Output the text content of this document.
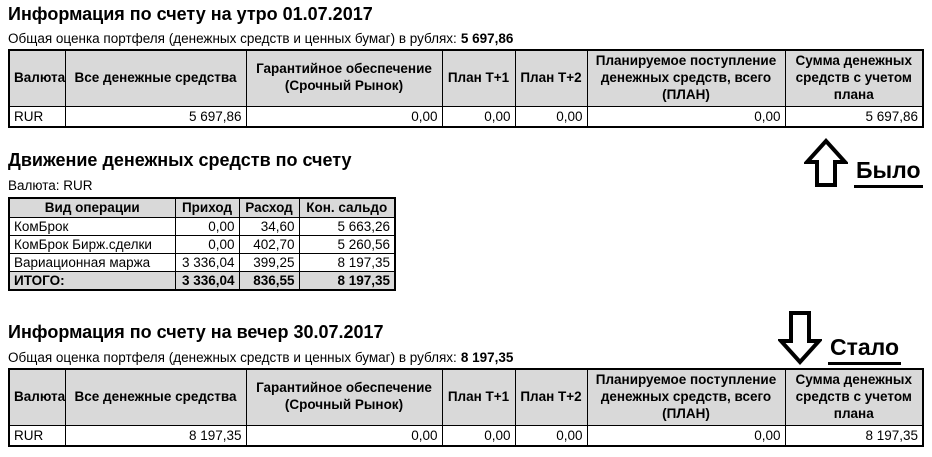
Информация по счету на утро 01.07.2017
Общая оценка портфеля (денежных средств и ценных бумаг) в рублях: 5 697,86
Валюта	Все денежные средства	Гарантийное обеспечение (Срочный Рынок)	План Т+1	План Т+2	Планируемое поступление денежных средств, всего (ПЛАН)	Сумма денежных средств с учетом плана
RUR	5 697,86	0,00	0,00	0,00	0,00	5 697,86
Было
Движение денежных средств по счету
Валюта: RUR
Вид операции	Приход	Расход	Кон. сальдо
КомБрок	0,00	34,60	5 663,26
КомБрок Бирж.сделки	0,00	402,70	5 260,56
Вариационная маржа	3 336,04	399,25	8 197,35
ИТОГО:	3 336,04	836,55	8 197,35
Стало
Информация по счету на вечер 30.07.2017
Общая оценка портфеля (денежных средств и ценных бумаг) в рублях: 8 197,35
Валюта	Все денежные средства	Гарантийное обеспечение (Срочный Рынок)	План Т+1	План Т+2	Планируемое поступление денежных средств, всего (ПЛАН)	Сумма денежных средств с учетом плана
RUR	8 197,35	0,00	0,00	0,00	0,00	8 197,35
